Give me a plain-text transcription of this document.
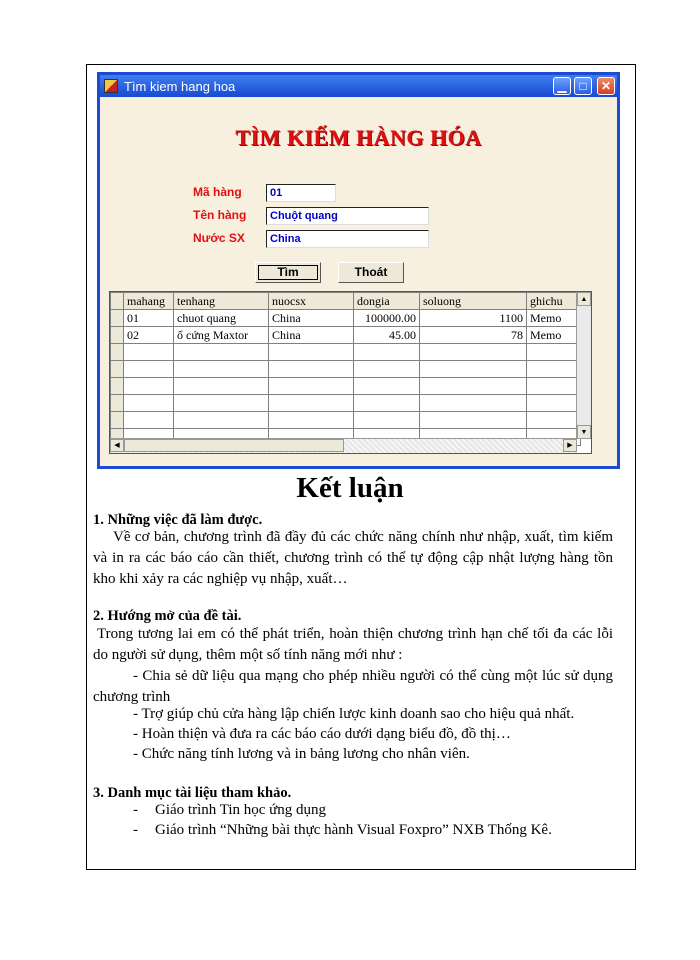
Tìm kiem hang hoa	▁	□	✕
TÌM KIẾM HÀNG HÓA
Mã hàng	01
Tên hàng	Chuột quang
Nước SX	China
Tìm	Thoát
	mahang	tenhang	nuocsx	dongia	soluong	ghichu
	01	chuot quang	China	100000.00	1100	Memo
	02	ổ cứng Maxtor	China	45.00	78	Memo

▲
▼
◀	▶
Kết luận
1. Những việc đã làm được.
Về cơ bản, chương trình đã đầy đủ các chức năng chính như nhập, xuất, tìm kiếm và in ra các báo cáo cần thiết, chương trình có thể tự động cập nhật lượng hàng tồn kho khi xảy ra các nghiệp vụ nhập, xuất…
2. Hướng mở của đề tài.
Trong tương lai em có thể phát triển, hoàn thiện chương trình hạn chế tối đa các lỗi do người sử dụng, thêm một số tính năng mới như :
- Chia sẻ dữ liệu qua mạng cho phép nhiều người có thể cùng một lúc sử dụng chương trình
- Trợ giúp chủ cửa hàng lập chiến lược kinh doanh sao cho hiệu quả nhất.
- Hoàn thiện và đưa ra các báo cáo dưới dạng biểu đồ, đồ thị…
- Chức năng tính lương và in bảng lương cho nhân viên.
3. Danh mục tài liệu tham khảo.
- Giáo trình Tin học ứng dụng
- Giáo trình “Những bài thực hành Visual Foxpro” NXB Thống Kê.
